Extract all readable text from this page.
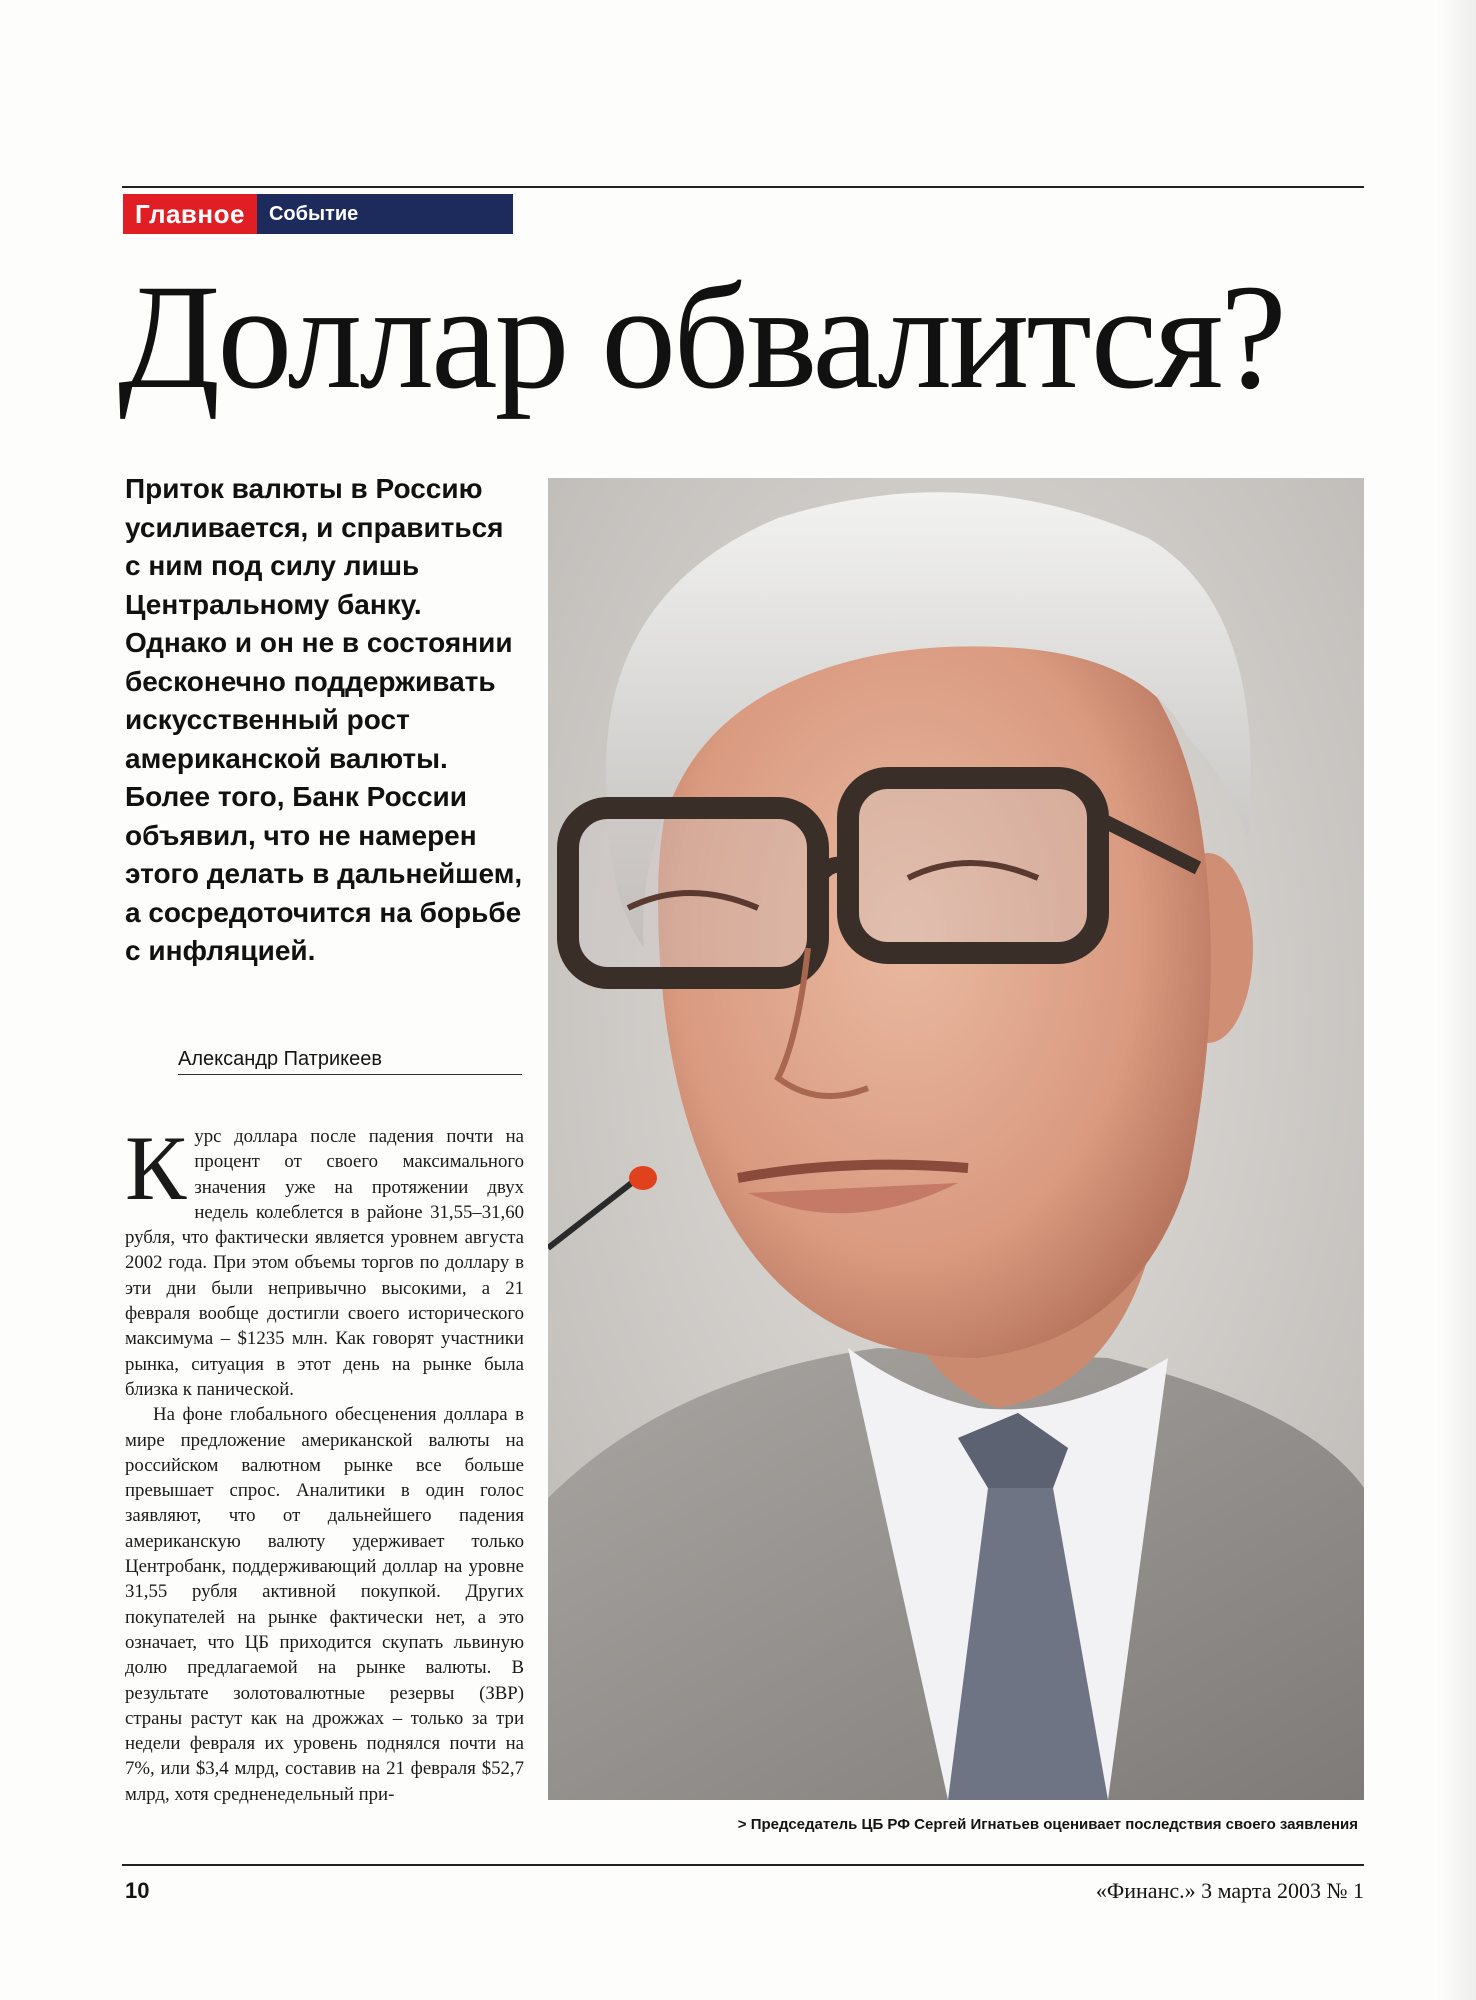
Главное	Событие
Доллар обвалится?

Приток валюты в Россию усиливается, и справиться с ним под силу лишь Центральному банку. Однако и он не в состоянии бесконечно поддерживать искусственный рост американской валюты. Более того, Банк России объявил, что не намерен этого делать в дальнейшем, а сосредоточится на борьбе с инфляцией.

Александр Патрикеев

Курс доллара после падения почти на процент от своего максимального значения уже на протяжении двух недель колеблется в районе 31,55–31,60 рубля, что фактически является уровнем августа 2002 года. При этом объемы торгов по доллару в эти дни были непривычно высокими, а 21 февраля вообще достигли своего исторического максимума – $1235 млн. Как говорят участники рынка, ситуация в этот день на рынке была близка к панической.

На фоне глобального обесценения доллара в мире предложение американской валюты на российском валютном рынке все больше превышает спрос. Аналитики в один голос заявляют, что от дальнейшего падения американскую валюту удерживает только Центробанк, поддерживающий доллар на уровне 31,55 рубля активной покупкой. Других покупателей на рынке фактически нет, а это означает, что ЦБ приходится скупать львиную долю предлагаемой на рынке валюты. В результате золотовалютные резервы (ЗВР) страны растут как на дрожжах – только за три недели февраля их уровень поднялся почти на 7%, или $3,4 млрд, составив на 21 февраля $52,7 млрд, хотя средненедельный при-

> Председатель ЦБ РФ Сергей Игнатьев оценивает последствия своего заявления
10	«Финанс.» 3 марта 2003 № 1
